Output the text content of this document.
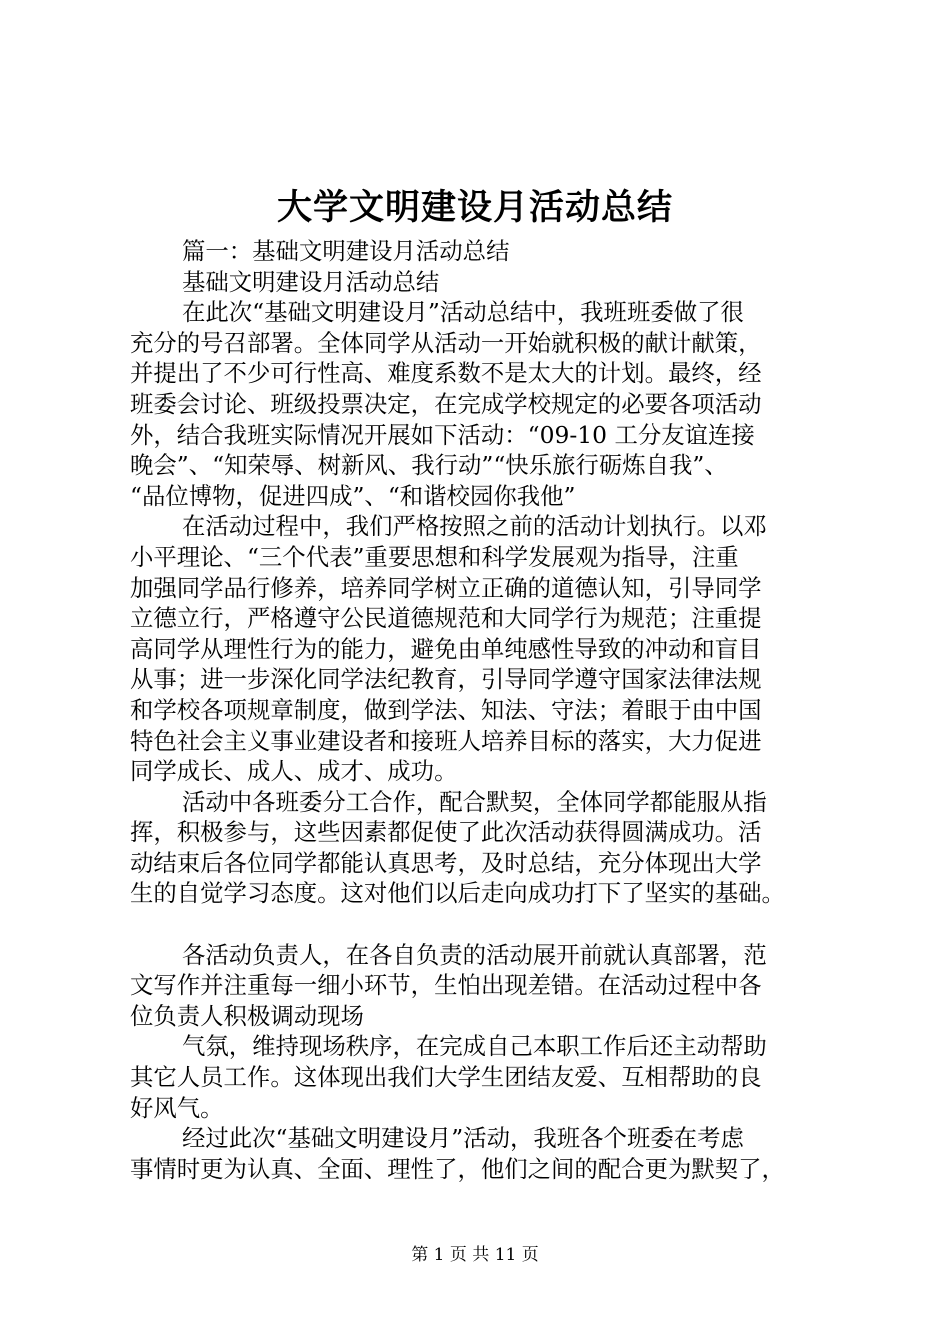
大学文明建设月活动总结
篇一：基础文明建设月活动总结
基础文明建设月活动总结
在此次“基础文明建设月”活动总结中，我班班委做了很
充分的号召部署。全体同学从活动一开始就积极的献计献策，
并提出了不少可行性高、难度系数不是太大的计划。最终，经
班委会讨论、班级投票决定，在完成学校规定的必要各项活动
外，结合我班实际情况开展如下活动：“09-10 工分友谊连接
晚会”、“知荣辱、树新风、我行动”“快乐旅行砺炼自我”、
“品位博物，促进四成”、“和谐校园你我他”
在活动过程中，我们严格按照之前的活动计划执行。以邓
小平理论、“三个代表”重要思想和科学发展观为指导，注重
加强同学品行修养，培养同学树立正确的道德认知，引导同学
立德立行，严格遵守公民道德规范和大同学行为规范；注重提
高同学从理性行为的能力，避免由单纯感性导致的冲动和盲目
从事；进一步深化同学法纪教育，引导同学遵守国家法律法规
和学校各项规章制度，做到学法、知法、守法；着眼于由中国
特色社会主义事业建设者和接班人培养目标的落实，大力促进
同学成长、成人、成才、成功。
活动中各班委分工合作，配合默契，全体同学都能服从指
挥，积极参与，这些因素都促使了此次活动获得圆满成功。活
动结束后各位同学都能认真思考，及时总结，充分体现出大学
生的自觉学习态度。这对他们以后走向成功打下了坚实的基础。
各活动负责人，在各自负责的活动展开前就认真部署，范
文写作并注重每一细小环节，生怕出现差错。在活动过程中各
位负责人积极调动现场
气氛，维持现场秩序，在完成自己本职工作后还主动帮助
其它人员工作。这体现出我们大学生团结友爱、互相帮助的良
好风气。
经过此次“基础文明建设月”活动，我班各个班委在考虑
事情时更为认真、全面、理性了，他们之间的配合更为默契了，
第 1 页 共 11 页
